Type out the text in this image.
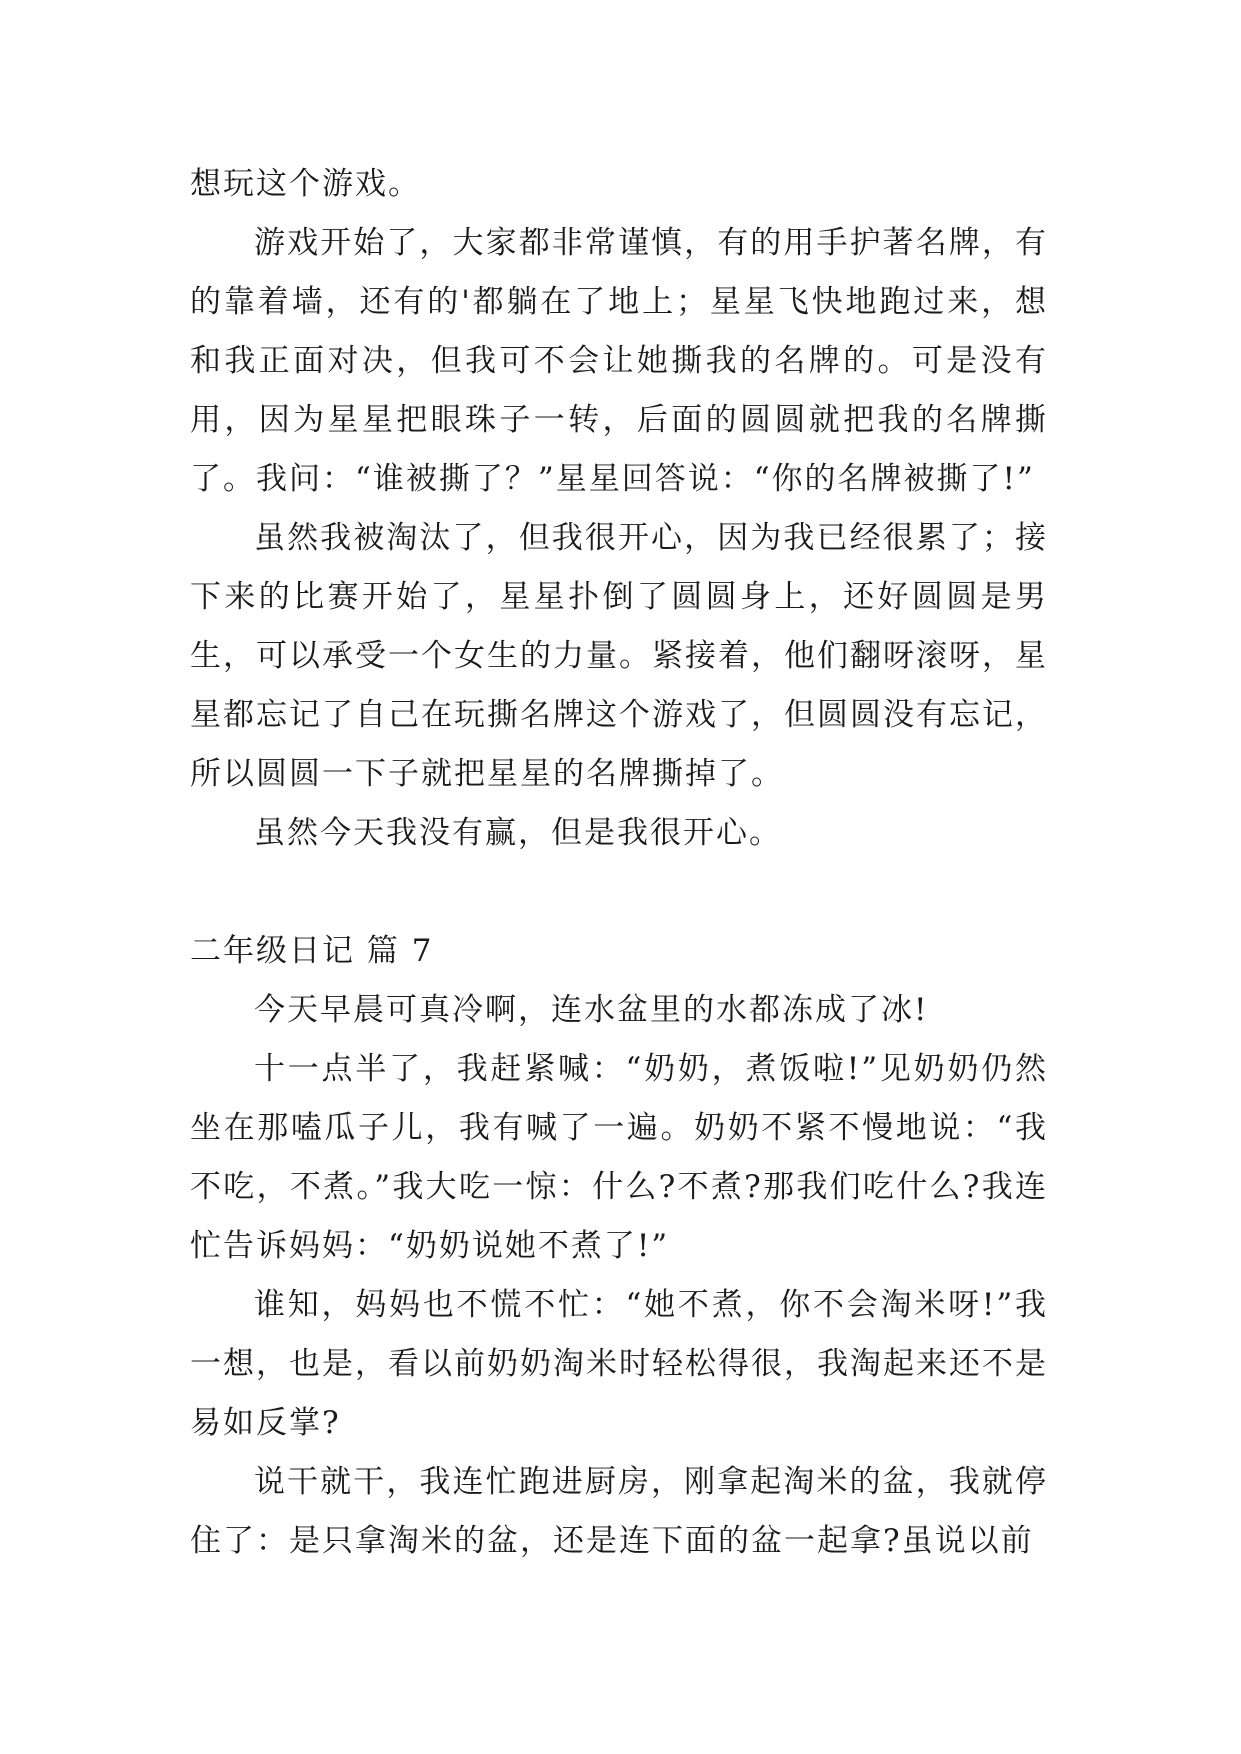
想玩这个游戏。

游戏开始了，大家都非常谨慎，有的用手护著名牌，有的靠着墙，还有的'都躺在了地上；星星飞快地跑过来，想和我正面对决，但我可不会让她撕我的名牌的。可是没有用，因为星星把眼珠子一转，后面的圆圆就把我的名牌撕了。我问：“谁被撕了？”星星回答说：“你的名牌被撕了!”

虽然我被淘汰了，但我很开心，因为我已经很累了；接下来的比赛开始了，星星扑倒了圆圆身上，还好圆圆是男生，可以承受一个女生的力量。紧接着，他们翻呀滚呀，星星都忘记了自己在玩撕名牌这个游戏了，但圆圆没有忘记，所以圆圆一下子就把星星的名牌撕掉了。

虽然今天我没有赢，但是我很开心。

二年级日记 篇 7

今天早晨可真冷啊，连水盆里的水都冻成了冰!

十一点半了，我赶紧喊：“奶奶，煮饭啦!”见奶奶仍然坐在那嗑瓜子儿，我有喊了一遍。奶奶不紧不慢地说：“我不吃，不煮。”我大吃一惊：什么?不煮?那我们吃什么?我连忙告诉妈妈：“奶奶说她不煮了!”

谁知，妈妈也不慌不忙：“她不煮，你不会淘米呀!”我一想，也是，看以前奶奶淘米时轻松得很，我淘起来还不是易如反掌?

说干就干，我连忙跑进厨房，刚拿起淘米的盆，我就停住了：是只拿淘米的盆，还是连下面的盆一起拿?虽说以前
